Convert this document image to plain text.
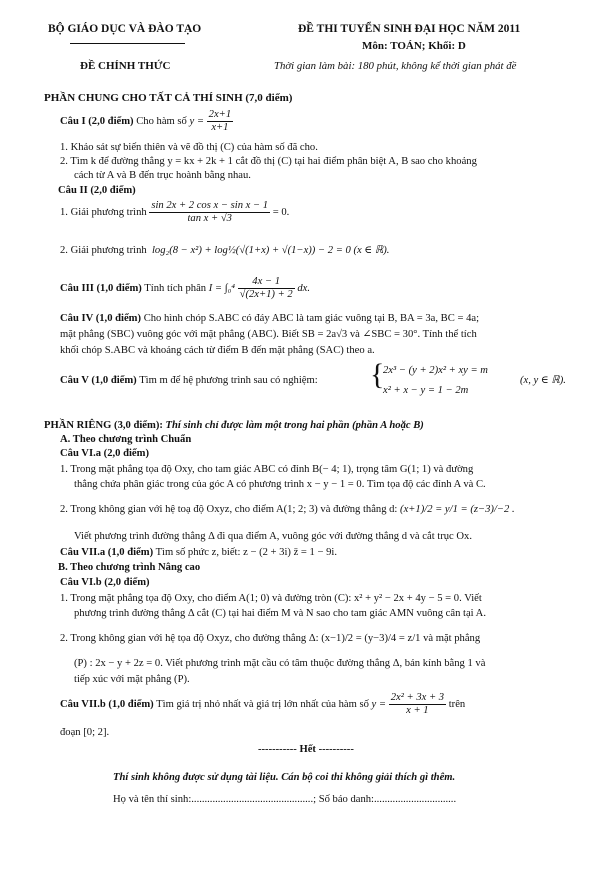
BỘ GIÁO DỤC VÀ ĐÀO TẠO	ĐỀ THI TUYỂN SINH ĐẠI HỌC NĂM 2011
Môn: TOÁN; Khối: D
ĐỀ CHÍNH THỨC	Thời gian làm bài: 180 phút, không kể thời gian phát đề
PHẦN CHUNG CHO TẤT CẢ THÍ SINH (7,0 điểm)
Câu I (2,0 điểm) Cho hàm số $y = \frac{2x+1}{x+1}$
1. Khảo sát sự biến thiên và vẽ đồ thị (C) của hàm số đã cho.
2. Tìm k để đường thẳng y = kx + 2k + 1 cắt đồ thị (C) tại hai điểm phân biệt A, B sao cho khoảng
cách từ A và B đến trục hoành bằng nhau.
Câu II (2,0 điểm)
1. Giải phương trình $\frac{\text{sin 2x + 2 cos x − sin x − 1}}{\text{tan x + √3}} = 0$.
2. Giải phương trình log₂(8 − x²) + log½(√(1+x) + √(1−x)) − 2 = 0 (x ∈ ℝ).
Câu III (1,0 điểm) Tính tích phân $I = \int_0^4 \frac{4x - 1}{√(2x+1) + 2}$ dx.
Câu IV (1,0 điểm) Cho hình chóp S.ABC có đáy ABC là tam giác vuông tại B, BA = 3a, BC = 4a;
mặt phẳng (SBC) vuông góc với mặt phẳng (ABC). Biết SB = 2a√3 và ∠SBC = 30°. Tính thể tích
khối chóp S.ABC và khoảng cách từ điểm B đến mặt phẳng (SAC) theo a.
Câu V (1,0 điểm) Tìm m để hệ phương trình sau có nghiệm: {
2x³ − (y + 2)x² + xy = m
x² + x − y = 1 − 2m
(x, y ∈ ℝ).
PHẦN RIÊNG (3,0 điểm): Thí sinh chỉ được làm một trong hai phần (phần A hoặc B)
A. Theo chương trình Chuẩn
Câu VI.a (2,0 điểm)
1. Trong mặt phẳng tọa độ Oxy, cho tam giác ABC có đỉnh B(− 4; 1), trọng tâm G(1; 1) và đường
thẳng chứa phân giác trong của góc A có phương trình x − y − 1 = 0. Tìm tọa độ các đỉnh A và C.
2. Trong không gian với hệ toạ độ Oxyz, cho điểm A(1; 2; 3) và đường thẳng d: (x+1)/2 = y/1 = (z−3)/−2 .
Viết phương trình đường thẳng Δ đi qua điểm A, vuông góc với đường thẳng d và cắt trục Ox.
Câu VII.a (1,0 điểm) Tìm số phức z, biết: z − (2 + 3i) z̄ = 1 − 9i.
B. Theo chương trình Nâng cao
Câu VI.b (2,0 điểm)
1. Trong mặt phẳng tọa độ Oxy, cho điểm A(1; 0) và đường tròn (C): x² + y² − 2x + 4y − 5 = 0. Viết
phương trình đường thẳng Δ cắt (C) tại hai điểm M và N sao cho tam giác AMN vuông cân tại A.
2. Trong không gian với hệ tọa độ Oxyz, cho đường thẳng Δ: (x−1)/2 = (y−3)/4 = z/1 và mặt phẳng
(P) : 2x − y + 2z = 0. Viết phương trình mặt cầu có tâm thuộc đường thẳng Δ, bán kính bằng 1 và
tiếp xúc với mặt phẳng (P).
Câu VII.b (1,0 điểm) Tìm giá trị nhỏ nhất và giá trị lớn nhất của hàm số $y = \frac{\text{2x² + 3x + 3}}{x + 1}$ trên
đoạn [0; 2].
----------- Hết ----------
Thí sinh không được sử dụng tài liệu. Cán bộ coi thi không giải thích gì thêm.
Họ và tên thí sinh:..............................................; Số báo danh:...............................
